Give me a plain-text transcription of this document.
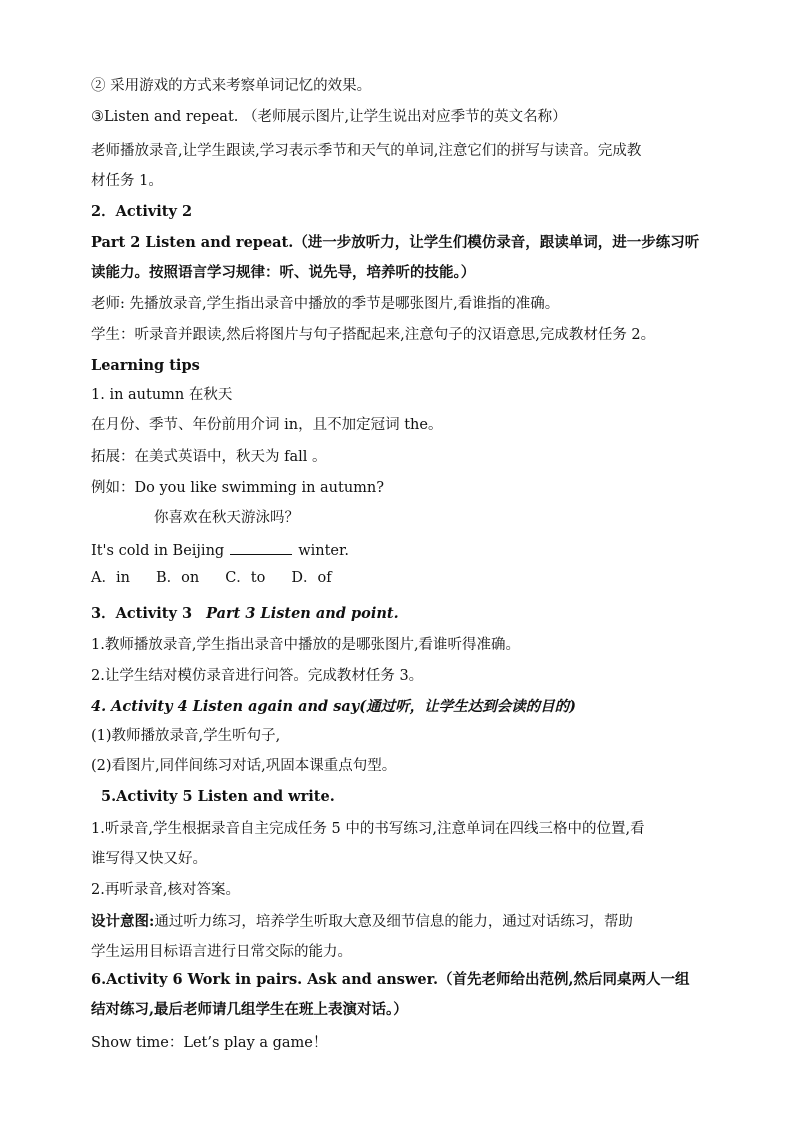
② 采用游戏的方式来考察单词记忆的效果。
③Listen and repeat. （老师展示图片,让学生说出对应季节的英文名称）
老师播放录音,让学生跟读,学习表示季节和天气的单词,注意它们的拼写与读音。完成教
材任务 1。
2．Activity 2
Part 2 Listen and repeat.（进一步放听力，让学生们模仿录音，跟读单词，进一步练习听
读能力。按照语言学习规律：听、说先导，培养听的技能。）
老师: 先播放录音,学生指出录音中播放的季节是哪张图片,看谁指的准确。
学生：听录音并跟读,然后将图片与句子搭配起来,注意句子的汉语意思,完成教材任务 2。
Learning tips
1. in autumn 在秋天
在月份、季节、年份前用介词 in，且不加定冠词 the。
拓展：在美式英语中，秋天为 fall 。
例如：Do you like swimming in autumn?
你喜欢在秋天游泳吗？
It's cold in Beijing	winter.
A．in B．on C．to D．of
3．Activity 3 Part 3 Listen and point.
1.教师播放录音,学生指出录音中播放的是哪张图片,看谁听得准确。
2.让学生结对模仿录音进行问答。完成教材任务 3。
4. Activity 4 Listen again and say(通过听，让学生达到会读的目的)
(1)教师播放录音,学生听句子,
(2)看图片,同伴间练习对话,巩固本课重点句型。
5.Activity 5 Listen and write.
1.听录音,学生根据录音自主完成任务 5 中的书写练习,注意单词在四线三格中的位置,看
谁写得又快又好。
2.再听录音,核对答案。
设计意图:通过听力练习，培养学生听取大意及细节信息的能力，通过对话练习，帮助
学生运用目标语言进行日常交际的能力。
6.Activity 6 Work in pairs. Ask and answer.（首先老师给出范例,然后同桌两人一组
结对练习,最后老师请几组学生在班上表演对话。）
Show time：Let’s play a game！
